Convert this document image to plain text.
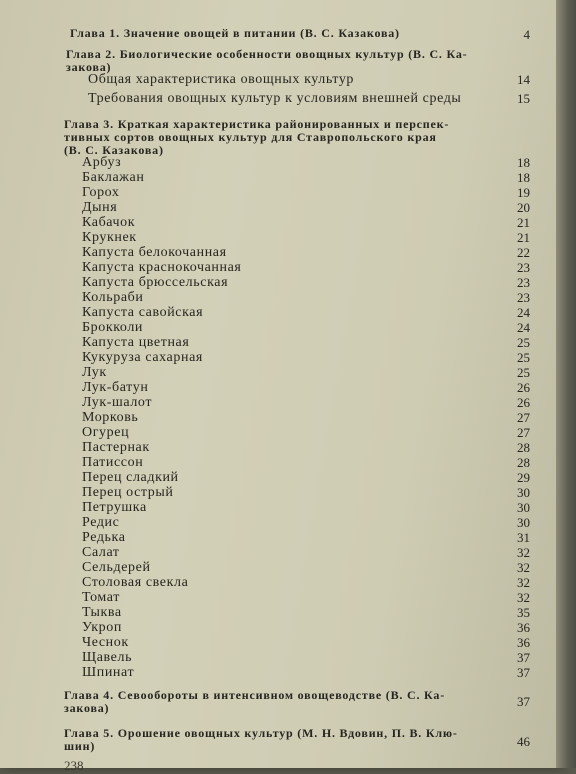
Глава 1. Значение овощей в питании (В. С. Казакова)	4
Глава 2. Биологические особенности овощных культур (В. С. Ка-
закова)
Общая характеристика овощных культур	14
Требования овощных культур к условиям внешней среды	15
Глава 3. Краткая характеристика районированных и перспек-
тивных сортов овощных культур для Ставропольского края
(В. С. Казакова)
Арбуз	18
Баклажан	18
Горох	19
Дыня	20
Кабачок	21
Крукнек	21
Капуста белокочанная	22
Капуста краснокочанная	23
Капуста брюссельская	23
Кольраби	23
Капуста савойская	24
Брокколи	24
Капуста цветная	25
Кукуруза сахарная	25
Лук	25
Лук-батун	26
Лук-шалот	26
Морковь	27
Огурец	27
Пастернак	28
Патиссон	28
Перец сладкий	29
Перец острый	30
Петрушка	30
Редис	30
Редька	31
Салат	32
Сельдерей	32
Столовая свекла	32
Томат	32
Тыква	35
Укроп	36
Чеснок	36
Щавель	37
Шпинат	37
Глава 4. Севообороты в интенсивном овощеводстве (В. С. Ка-
закова)	37
Глава 5. Орошение овощных культур (М. Н. Вдовин, П. В. Клю-
шин)	46
238
